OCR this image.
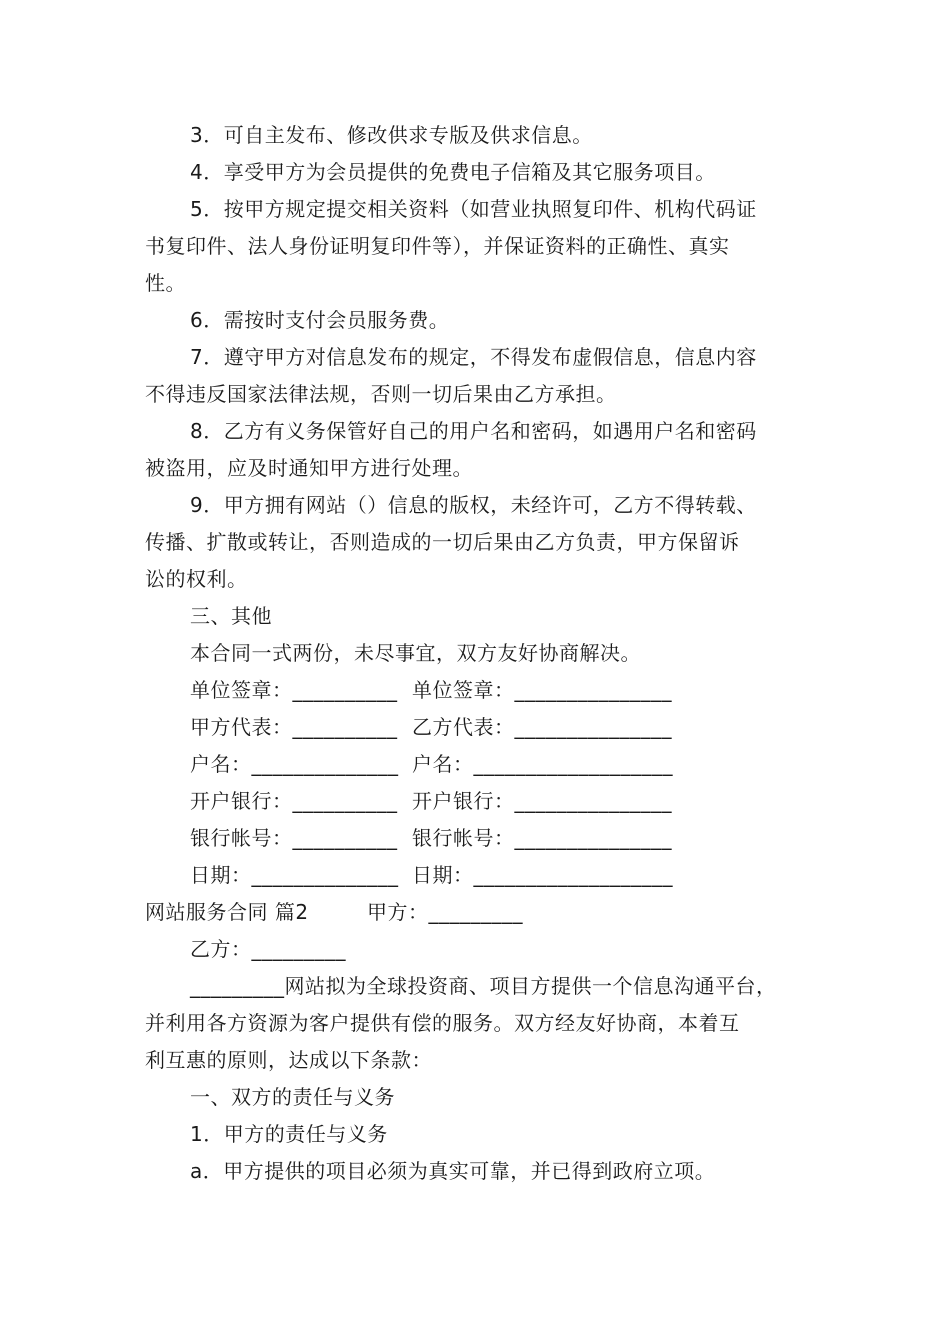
3．可自主发布、修改供求专版及供求信息。
4．享受甲方为会员提供的免费电子信箱及其它服务项目。
5．按甲方规定提交相关资料（如营业执照复印件、机构代码证
书复印件、法人身份证明复印件等），并保证资料的正确性、真实
性。
6．需按时支付会员服务费。
7．遵守甲方对信息发布的规定，不得发布虚假信息，信息内容
不得违反国家法律法规，否则一切后果由乙方承担。
8．乙方有义务保管好自己的用户名和密码，如遇用户名和密码
被盗用，应及时通知甲方进行处理。
9．甲方拥有网站（）信息的版权，未经许可，乙方不得转载、
传播、扩散或转让，否则造成的一切后果由乙方负责，甲方保留诉
讼的权利。
三、其他
本合同一式两份，未尽事宜，双方友好协商解决。
单位签章：__________ 单位签章：_______________
甲方代表：__________ 乙方代表：_______________
户名：______________ 户名：___________________
开户银行：__________ 开户银行：_______________
银行帐号：__________ 银行帐号：_______________
日期：______________ 日期：___________________
网站服务合同 篇2	甲方：_________
乙方：_________
_________网站拟为全球投资商、项目方提供一个信息沟通平台，
并利用各方资源为客户提供有偿的服务。双方经友好协商，本着互
利互惠的原则，达成以下条款：
一、双方的责任与义务
1．甲方的责任与义务
a．甲方提供的项目必须为真实可靠，并已得到政府立项。
